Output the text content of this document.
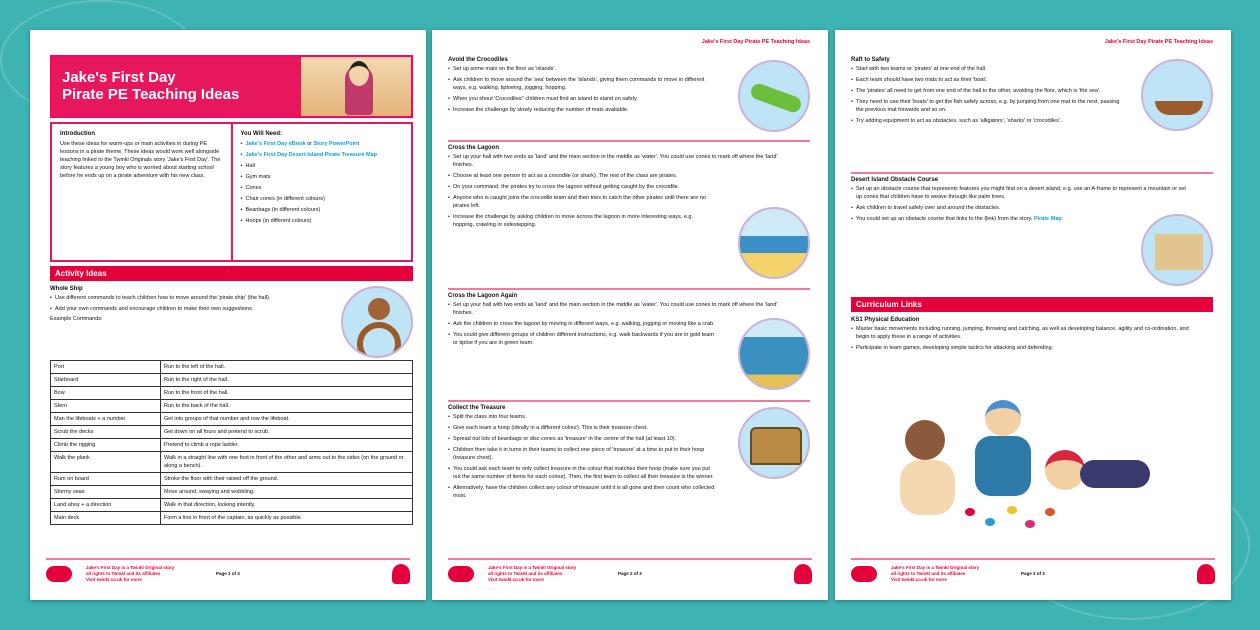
Jake's First Day
Pirate PE Teaching Ideas
Introduction

Use these ideas for warm-ups or main activities in during PE lessons in a pirate theme. These ideas would work well alongside teaching linked to the Twinkl Originals story 'Jake's First Day'. The story features a young boy who is worried about starting school before he ends up on a pirate adventure with his new class.

You Will Need:
• Jake's First Day eBook or Story PowerPoint
• Jake's First Day Desert Island Pirate Treasure Map
• Hall
• Gym mats
• Cones
• Chair cones (in different colours)
• Beanbags (in different colours)
• Hoops (in different colours)
Activity Ideas
Whole Ship
• Use different commands to teach children how to move around the 'pirate ship' (the hall).
• Add your own commands and encourage children to make their own suggestions.
Example Commands:
Port	Run to the left of the hall.
Starboard	Run to the right of the hall.
Bow	Run to the front of the hall.
Stern	Run to the back of the hall.
Man the lifeboats + a number	Get into groups of that number and row the lifeboat.
Scrub the decks	Get down on all fours and pretend to scrub.
Climb the rigging	Pretend to climb a rope ladder.
Walk the plank	Walk in a straight line with one foot in front of the other and arms out to the sides (on the ground or along a bench).
Rum on board	Stroke the floor with their raised off the ground.
Stormy seas	Move around, swaying and wobbling.
Land ahoy + a direction	Walk in that direction, looking intently.
Main deck	Form a line in front of the captain, as quickly as possible.
Jake's First Day is a Twinkl Original story
all rights to Twinkl and its affiliates
Visit twinkl.co.uk for more
Page 1 of 3
Jake's First Day Pirate PE Teaching Ideas
Avoid the Crocodiles
• Set up some mats on the floor as 'islands'.
• Ask children to move around the 'sea' between the 'islands', giving them commands to move in different ways, e.g. walking, tiptoeing, jogging, hopping.
• When you shout 'Crocodiles!' children must find an island to stand on safely.
• Increase the challenge by slowly reducing the number of mats available.
Cross the Lagoon
• Set up your hall with two ends as 'land' and the main section in the middle as 'water'. You could use cones to mark off where the 'land' finishes.
• Choose at least one person to act as a crocodile (or shark). The rest of the class are pirates.
• On your command, the pirates try to cross the lagoon without getting caught by the crocodile.
• Anyone who is caught joins the crocodile team and then tries to catch the other pirates until there are no pirates left.
• Increase the challenge by asking children to move across the lagoon in more interesting ways, e.g. hopping, crawling or sidestepping.
Cross the Lagoon Again
• Set up your hall with two ends as 'land' and the main section in the middle as 'water'. You could use cones to mark off where the 'land' finishes.
• Ask the children to cross the lagoon by moving in different ways, e.g. walking, jogging or moving like a crab.
• You could give different groups of children different instructions, e.g. walk backwards if you are in gold team or tiptoe if you are in green team.
Collect the Treasure
• Split the class into four teams.
• Give each team a hoop (ideally in a different colour). This is their treasure chest.
• Spread out lots of beanbags or disc cones as 'treasure' in the centre of the hall (at least 10).
• Children then take it in turns in their teams to collect one piece of 'treasure' at a time to put in their hoop (treasure chest).
• You could ask each team to only collect treasure in the colour that matches their hoop (make sure you put out the same number of items for each colour). Then, the first team to collect all their treasure is the winner.
• Alternatively, have the children collect any colour of treasure until it is all gone and then count who collected most.
Jake's First Day is a Twinkl Original story
all rights to Twinkl and its affiliates
Visit twinkl.co.uk for more
Page 2 of 3
Jake's First Day Pirate PE Teaching Ideas
Raft to Safety
• Start with two teams or 'pirates' at one end of the hall.
• Each team should have two mats to act as their 'boat'.
• The 'pirates' all need to get from one end of the hall to the other, avoiding the floor, which is 'the sea'.
• They need to use their 'boats' to get the fish safely across, e.g. by jumping from one mat to the next, passing the previous mat forwards and so on.
• Try adding equipment to act as obstacles, such as 'alligators', 'sharks' or 'crocodiles'.
Desert Island Obstacle Course
• Set up an obstacle course that represents features you might find on a desert island, e.g. use an A-frame to represent a mountain or set up cones that children have to weave through like palm trees.
• Ask children to travel safely over and around the obstacles.
• You could set up an obstacle course that links to the {link} from the story. Pirate Map
Curriculum Links
KS1 Physical Education
• Master basic movements including running, jumping, throwing and catching, as well as developing balance, agility and co-ordination, and begin to apply these in a range of activities.
• Participate in team games, developing simple tactics for attacking and defending.
Jake's First Day is a Twinkl Original story
all rights to Twinkl and its affiliates
Visit twinkl.co.uk for more
Page 3 of 3
